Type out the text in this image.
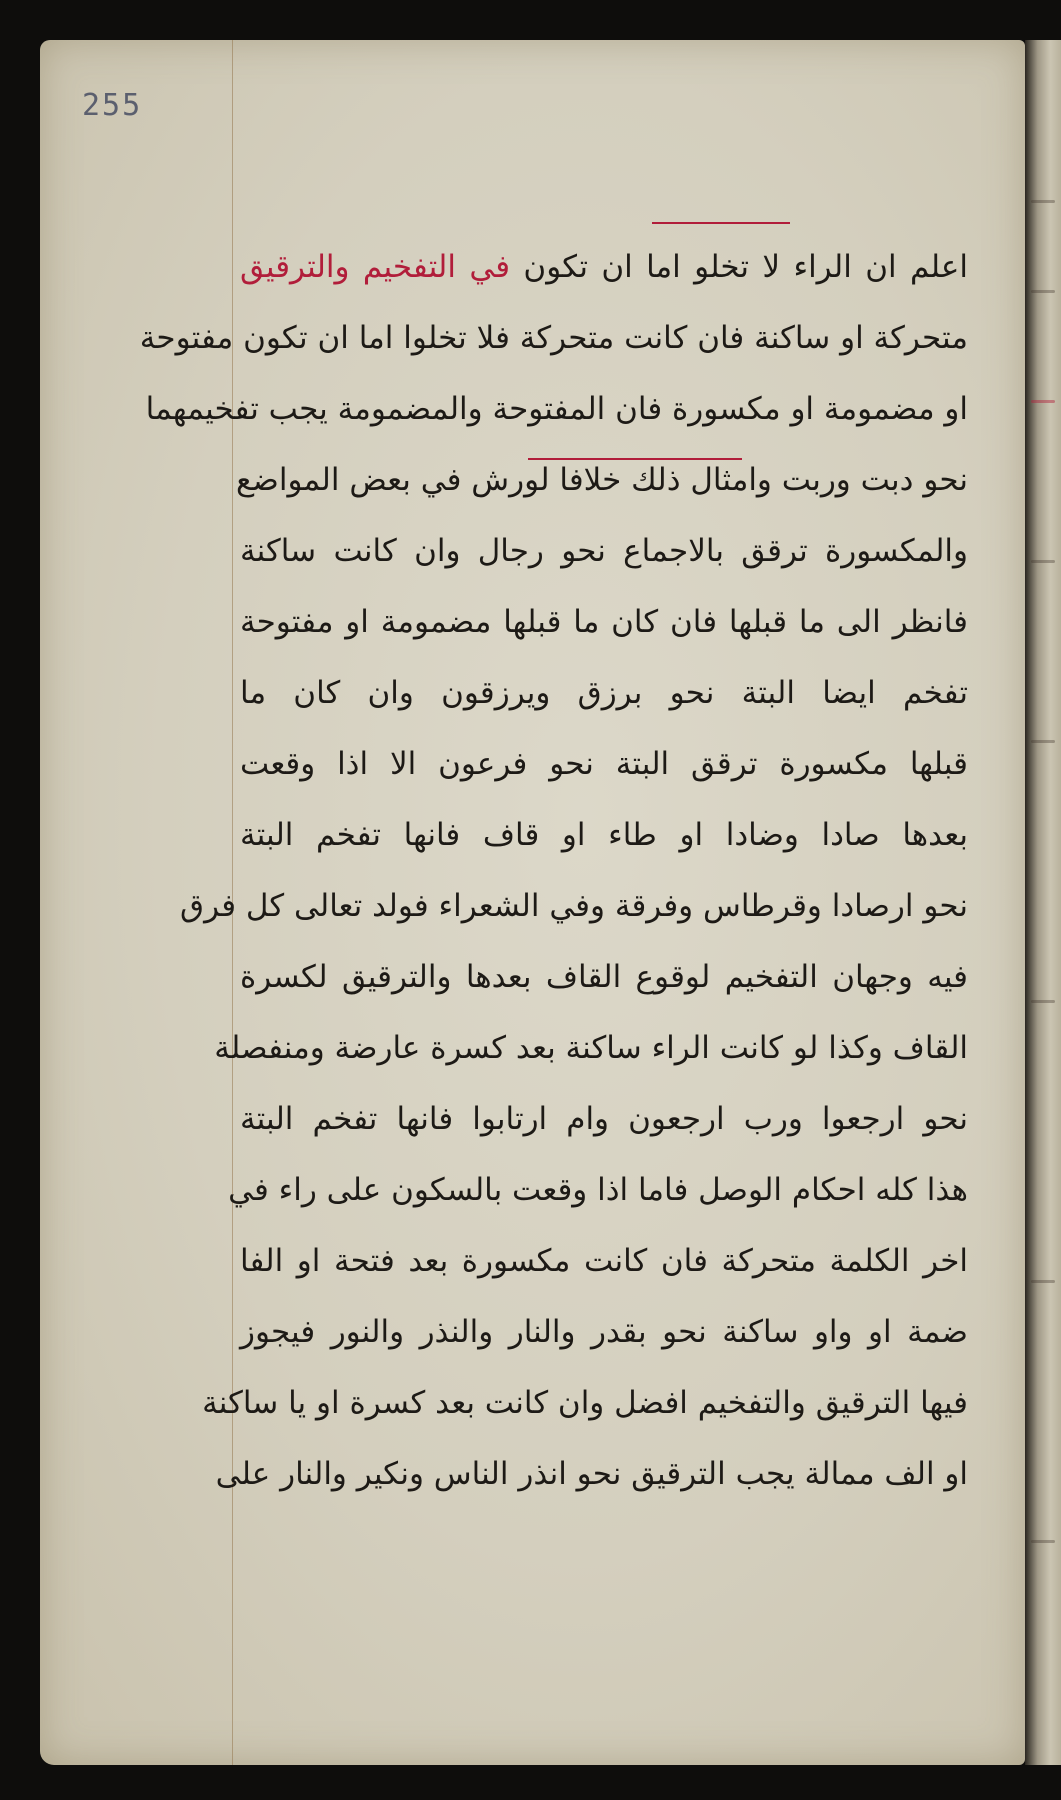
255
اعلم ان الراء لا تخلو اما ان تكون في التفخيم والترقيق
متحركة او ساكنة فان كانت متحركة فلا تخلوا اما ان تكون مفتوحة
او مضمومة او مكسورة فان المفتوحة والمضمومة يجب تفخيمهما
نحو دبت وربت وامثال ذلك خلافا لورش في بعض المواضع
والمكسورة ترقق بالاجماع نحو رجال وان كانت ساكنة
فانظر الى ما قبلها فان كان ما قبلها مضمومة او مفتوحة
تفخم ايضا البتة نحو برزق ويرزقون وان كان ما
قبلها مكسورة ترقق البتة نحو فرعون الا اذا وقعت
بعدها صادا وضادا او طاء او قاف فانها تفخم البتة
نحو ارصادا وقرطاس وفرقة وفي الشعراء فولد تعالى كل فرق
فيه وجهان التفخيم لوقوع القاف بعدها والترقيق لكسرة
القاف وكذا لو كانت الراء ساكنة بعد كسرة عارضة ومنفصلة
نحو ارجعوا ورب ارجعون وام ارتابوا فانها تفخم البتة
هذا كله احكام الوصل فاما اذا وقعت بالسكون على راء في
اخر الكلمة متحركة فان كانت مكسورة بعد فتحة او الفا
ضمة او واو ساكنة نحو بقدر والنار والنذر والنور فيجوز
فيها الترقيق والتفخيم افضل وان كانت بعد كسرة او يا ساكنة
او الف ممالة يجب الترقيق نحو انذر الناس ونكير والنار على
